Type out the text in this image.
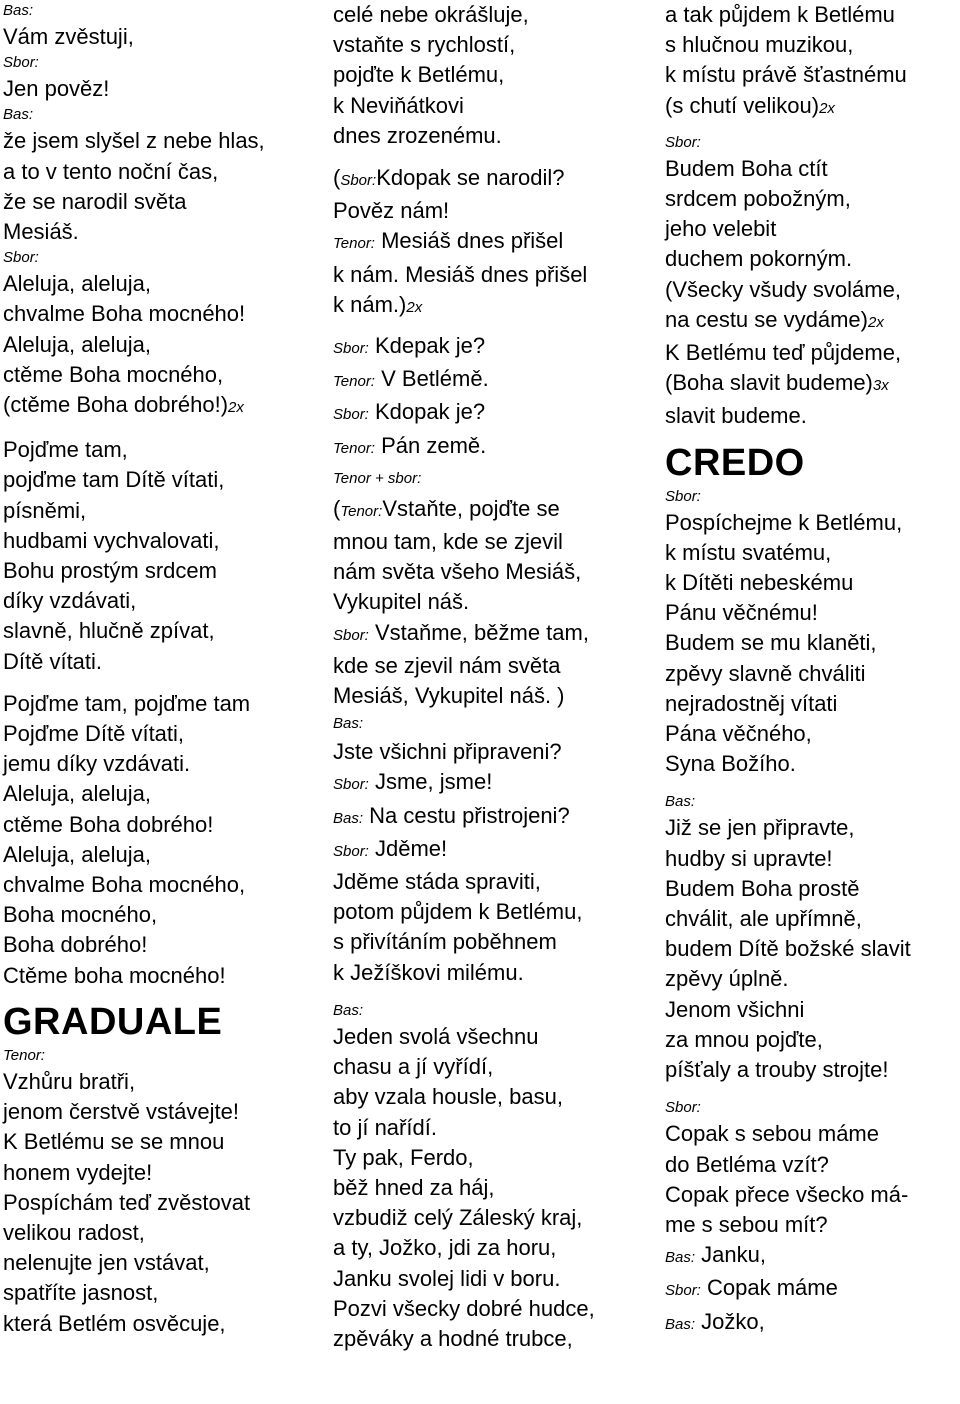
Bas:
Vám zvěstuji,
Sbor:
Jen pověz!
Bas:
že jsem slyšel z nebe hlas,
a to v tento noční čas,
že se narodil světa
Mesiáš.
Sbor:
Aleluja, aleluja,
chvalme Boha mocného!
Aleluja, aleluja,
ctěme Boha mocného,
(ctěme Boha dobrého!)2x
Pojďme tam,
pojďme tam Dítě vítati,
písněmi,
hudbami vychvalovati,
Bohu prostým srdcem
díky vzdávati,
slavně, hlučně zpívat,
Dítě vítati.
Pojďme tam, pojďme tam
Pojďme Dítě vítati,
jemu díky vzdávati.
Aleluja, aleluja,
ctěme Boha dobrého!
Aleluja, aleluja,
chvalme Boha mocného,
Boha mocného,
Boha dobrého!
Ctěme boha mocného!
GRADUALE
Tenor:
Vzhůru bratři,
jenom čerstvě vstávejte!
K Betlému se se mnou
honem vydejte!
Pospíchám teď zvěstovat
velikou radost,
nelenujte jen vstávat,
spatříte jasnost,
která Betlém osvěcuje,
celé nebe okrášluje,
vstaňte s rychlostí,
pojďte k Betlému,
k Neviňátkovi
dnes zrozenému.
(Sbor:Kdopak se narodil?
Pověz nám!
Tenor: Mesiáš dnes přišel
k nám. Mesiáš dnes přišel
k nám.)2x
Sbor: Kdepak je?
Tenor: V Betlémě.
Sbor: Kdopak je?
Tenor: Pán země.
Tenor + sbor:
(Tenor:Vstaňte, pojďte se
mnou tam, kde se zjevil
nám světa všeho Mesiáš,
Vykupitel náš.
Sbor: Vstaňme, běžme tam,
kde se zjevil nám světa
Mesiáš, Vykupitel náš. )
Bas:
Jste všichni připraveni?
Sbor: Jsme, jsme!
Bas: Na cestu přistrojeni?
Sbor: Jděme!
Jděme stáda spraviti,
potom půjdem k Betlému,
s přivítáním poběhnem
k Ježíškovi milému.
Bas:
Jeden svolá všechnu
chasu a jí vyřídí,
aby vzala housle, basu,
to jí nařídí.
Ty pak, Ferdo,
běž hned za háj,
vzbudiž celý Záleský kraj,
a ty, Jožko, jdi za horu,
Janku svolej lidi v boru.
Pozvi všecky dobré hudce,
zpěváky a hodné trubce,
a tak půjdem k Betlému
s hlučnou muzikou,
k místu právě šťastnému
(s chutí velikou)2x
Sbor:
Budem Boha ctít
srdcem pobožným,
jeho velebit
duchem pokorným.
(Všecky všudy svoláme,
na cestu se vydáme)2x
K Betlému teď půjdeme,
(Boha slavit budeme)3x
slavit budeme.
CREDO
Sbor:
Pospíchejme k Betlému,
k místu svatému,
k Dítěti nebeskému
Pánu věčnému!
Budem se mu klaněti,
zpěvy slavně chváliti
nejradostněj vítati
Pána věčného,
Syna Božího.
Bas:
Již se jen připravte,
hudby si upravte!
Budem Boha prostě
chválit, ale upřímně,
budem Dítě božské slavit
zpěvy úplně.
Jenom všichni
za mnou pojďte,
píšťaly a trouby strojte!
Sbor:
Copak s sebou máme
do Betléma vzít?
Copak přece všecko má-
me s sebou mít?
Bas: Janku,
Sbor: Copak máme
Bas: Jožko,
